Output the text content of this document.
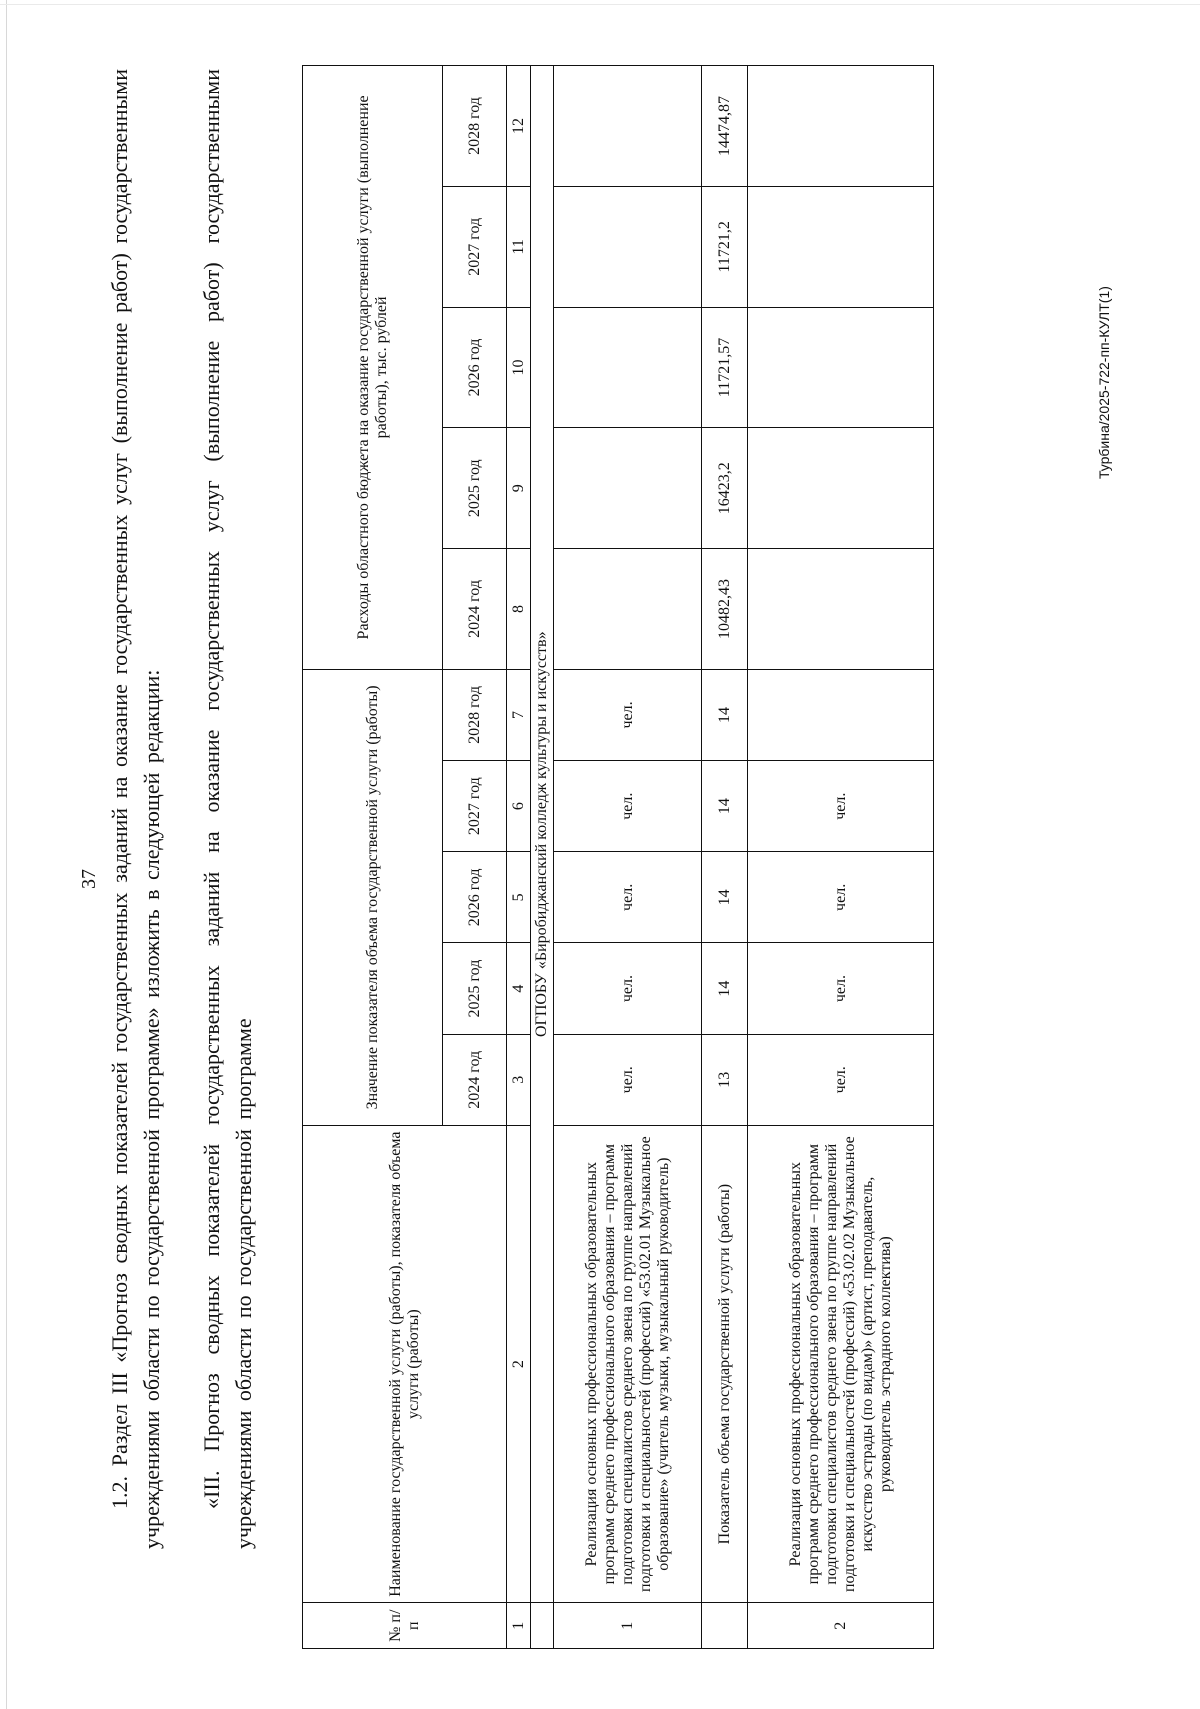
37 1.2. Раздел III «Прогноз сводных показателей государственных заданий на оказание государственных услуг (выполнение работ) государственными учреждениями области по государственной программе» изложить в следующей редакции: «III. Прогноз сводных показателей государственных заданий на оказание государственных услуг (выполнение работ) государственными учреждениями области по государственной программе
№ п/п	Наименование государственной услуги (работы), показателя объема услуги (работы)	Значение показателя объема государственной услуги (работы)					Расходы областного бюджета на оказание государственной услуги (выполнение работы), тыс. рублей				
		2024 год	2025 год	2026 год	2027 год	2028 год	2024 год	2025 год	2026 год	2027 год	2028 год
1	2	3	4	5	6	7	8	9	10	11	12
	ОГПОБУ «Биробиджанский колледж культуры и искусств»										
1	Реализация основных профессиональных образовательных программ среднего профессионального образования – программ подготовки специалистов среднего звена по группе направлений подготовки и специальностей (профессий) «53.02.01 Музыкальное образование» (учитель музыки, музыкальный руководитель)	чел.	чел.	чел.	чел.	чел.					
	Показатель объема государственной услуги (работы)	13	14	14	14	14	10482,43	16423,2	11721,57	11721,2	14474,87
2	Реализация основных профессиональных образовательных программ среднего профессионального образования – программ подготовки специалистов среднего звена по группе направлений подготовки и специальностей (профессий) «53.02.02 Музыкальное искусство эстрады (по видам)» (артист, преподаватель, руководитель эстрадного коллектива)	чел.	чел.	чел.	чел.						
Турбина/2025-722-пп-КУЛТ(1)
